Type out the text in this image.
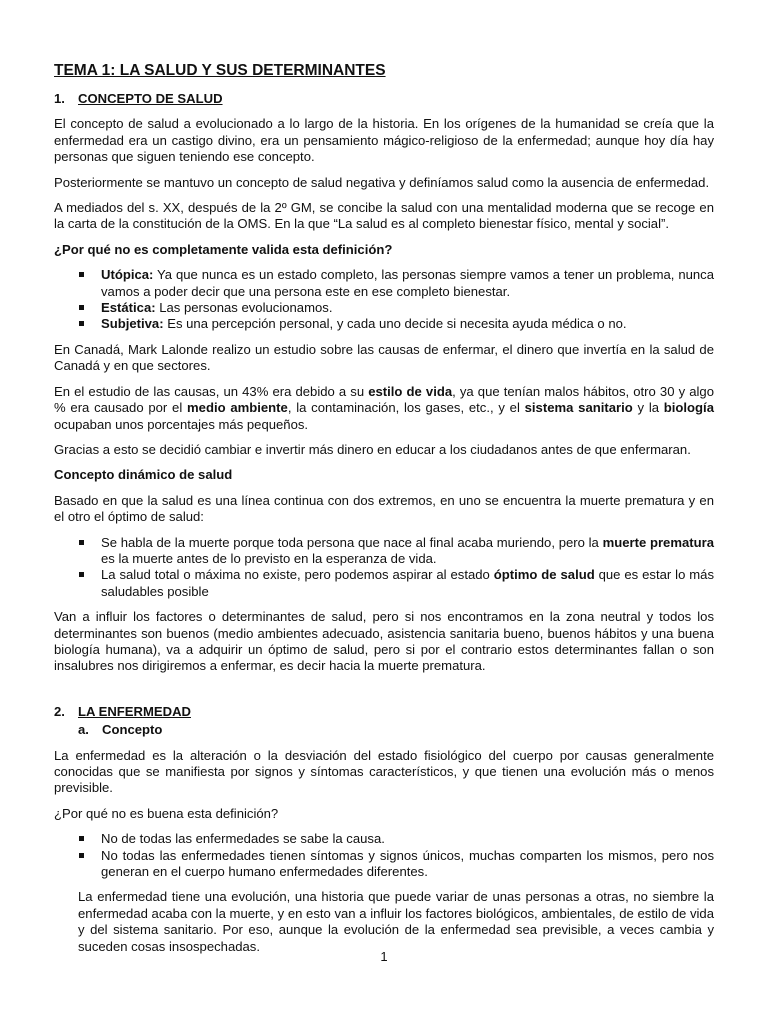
TEMA 1: LA SALUD Y SUS DETERMINANTES
1. CONCEPTO DE SALUD

El concepto de salud a evolucionado a lo largo de la historia. En los orígenes de la humanidad se creía que la enfermedad era un castigo divino, era un pensamiento mágico-religioso de la enfermedad; aunque hoy día hay personas que siguen teniendo ese concepto.

Posteriormente se mantuvo un concepto de salud negativa y definíamos salud como la ausencia de enfermedad.

A mediados del s. XX, después de la 2º GM, se concibe la salud con una mentalidad moderna que se recoge en la carta de la constitución de la OMS. En la que “La salud es al completo bienestar físico, mental y social”.

¿Por qué no es completamente valida esta definición?

Utópica: Ya que nunca es un estado completo, las personas siempre vamos a tener un problema, nunca vamos a poder decir que una persona este en ese completo bienestar.
Estática: Las personas evolucionamos.
Subjetiva: Es una percepción personal, y cada uno decide si necesita ayuda médica o no.

En Canadá, Mark Lalonde realizo un estudio sobre las causas de enfermar, el dinero que invertía en la salud de Canadá y en que sectores.

En el estudio de las causas, un 43% era debido a su estilo de vida, ya que tenían malos hábitos, otro 30 y algo % era causado por el medio ambiente, la contaminación, los gases, etc., y el sistema sanitario y la biología ocupaban unos porcentajes más pequeños.

Gracias a esto se decidió cambiar e invertir más dinero en educar a los ciudadanos antes de que enfermaran.

Concepto dinámico de salud

Basado en que la salud es una línea continua con dos extremos, en uno se encuentra la muerte prematura y en el otro el óptimo de salud:

Se habla de la muerte porque toda persona que nace al final acaba muriendo, pero la muerte prematura es la muerte antes de lo previsto en la esperanza de vida.
La salud total o máxima no existe, pero podemos aspirar al estado óptimo de salud que es estar lo más saludables posible

Van a influir los factores o determinantes de salud, pero si nos encontramos en la zona neutral y todos los determinantes son buenos (medio ambientes adecuado, asistencia sanitaria bueno, buenos hábitos y una buena biología humana), va a adquirir un óptimo de salud, pero si por el contrario estos determinantes fallan o son insalubres nos dirigiremos a enfermar, es decir hacia la muerte prematura.

2. LA ENFERMEDAD
a. Concepto

La enfermedad es la alteración o la desviación del estado fisiológico del cuerpo por causas generalmente conocidas que se manifiesta por signos y síntomas característicos, y que tienen una evolución más o menos previsible.

¿Por qué no es buena esta definición?

No de todas las enfermedades se sabe la causa.
No todas las enfermedades tienen síntomas y signos únicos, muchas comparten los mismos, pero nos generan en el cuerpo humano enfermedades diferentes.

La enfermedad tiene una evolución, una historia que puede variar de unas personas a otras, no siembre la enfermedad acaba con la muerte, y en esto van a influir los factores biológicos, ambientales, de estilo de vida y del sistema sanitario. Por eso, aunque la evolución de la enfermedad sea previsible, a veces cambia y suceden cosas insospechadas.

1
